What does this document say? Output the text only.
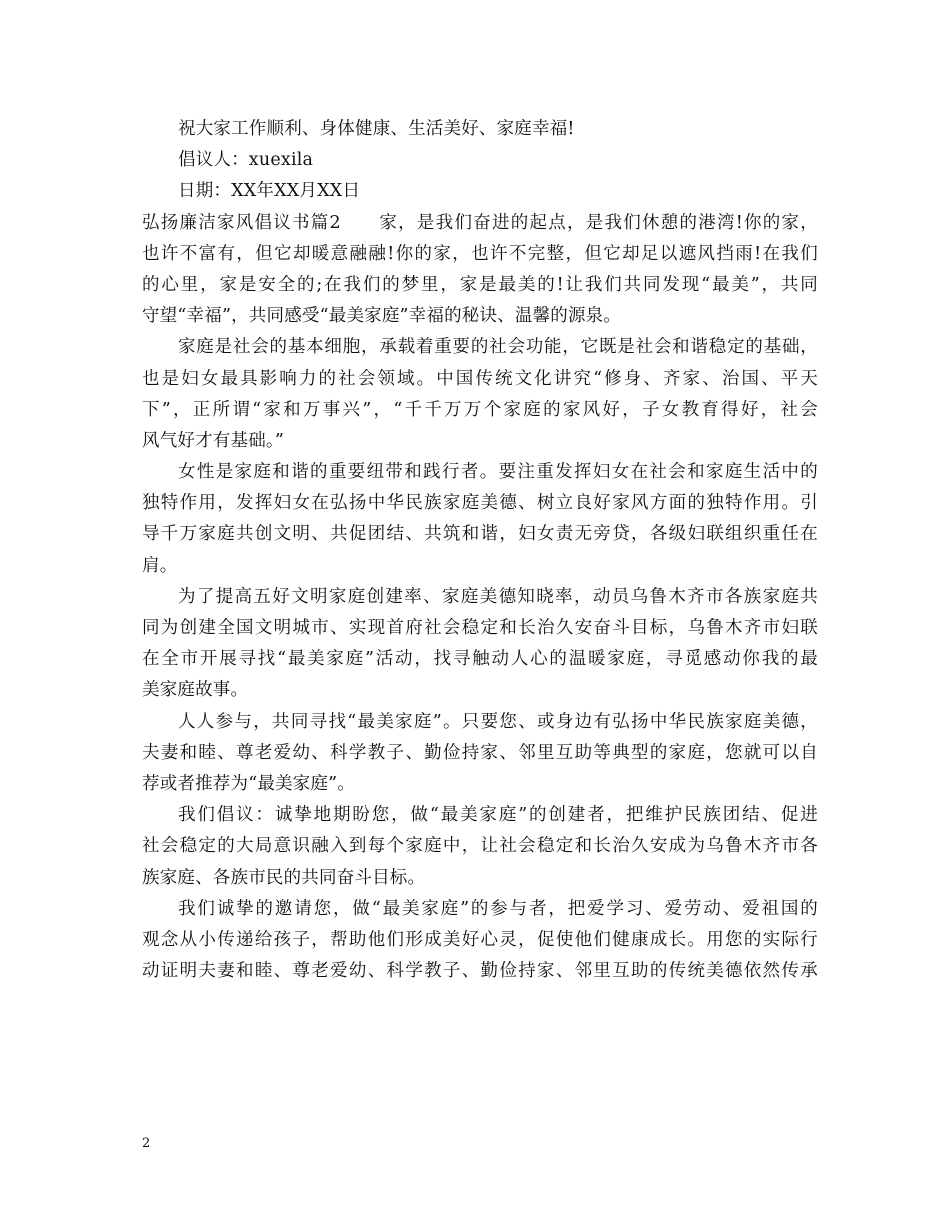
祝大家工作顺利、身体健康、生活美好、家庭幸福!
倡议人：xuexila
日期：XX年XX月XX日
弘扬廉洁家风倡议书篇2　　家，是我们奋进的起点，是我们休憩的港湾!你的家，
也许不富有，但它却暖意融融!你的家，也许不完整，但它却足以遮风挡雨!在我们
的心里，家是安全的;在我们的梦里，家是最美的!让我们共同发现“最美”，共同
守望“幸福”，共同感受“最美家庭”幸福的秘诀、温馨的源泉。
家庭是社会的基本细胞，承载着重要的社会功能，它既是社会和谐稳定的基础，
也是妇女最具影响力的社会领域。中国传统文化讲究“修身、齐家、治国、平天
下”，正所谓“家和万事兴”，“千千万万个家庭的家风好，子女教育得好，社会
风气好才有基础。”
女性是家庭和谐的重要纽带和践行者。要注重发挥妇女在社会和家庭生活中的
独特作用，发挥妇女在弘扬中华民族家庭美德、树立良好家风方面的独特作用。引
导千万家庭共创文明、共促团结、共筑和谐，妇女责无旁贷，各级妇联组织重任在
肩。
为了提高五好文明家庭创建率、家庭美德知晓率，动员乌鲁木齐市各族家庭共
同为创建全国文明城市、实现首府社会稳定和长治久安奋斗目标，乌鲁木齐市妇联
在全市开展寻找“最美家庭”活动，找寻触动人心的温暖家庭，寻觅感动你我的最
美家庭故事。
人人参与，共同寻找“最美家庭”。只要您、或身边有弘扬中华民族家庭美德，
夫妻和睦、尊老爱幼、科学教子、勤俭持家、邻里互助等典型的家庭，您就可以自
荐或者推荐为“最美家庭”。
我们倡议：诚挚地期盼您，做“最美家庭”的创建者，把维护民族团结、促进
社会稳定的大局意识融入到每个家庭中，让社会稳定和长治久安成为乌鲁木齐市各
族家庭、各族市民的共同奋斗目标。
我们诚挚的邀请您，做“最美家庭”的参与者，把爱学习、爱劳动、爱祖国的
观念从小传递给孩子，帮助他们形成美好心灵，促使他们健康成长。用您的实际行
动证明夫妻和睦、尊老爱幼、科学教子、勤俭持家、邻里互助的传统美德依然传承
2
